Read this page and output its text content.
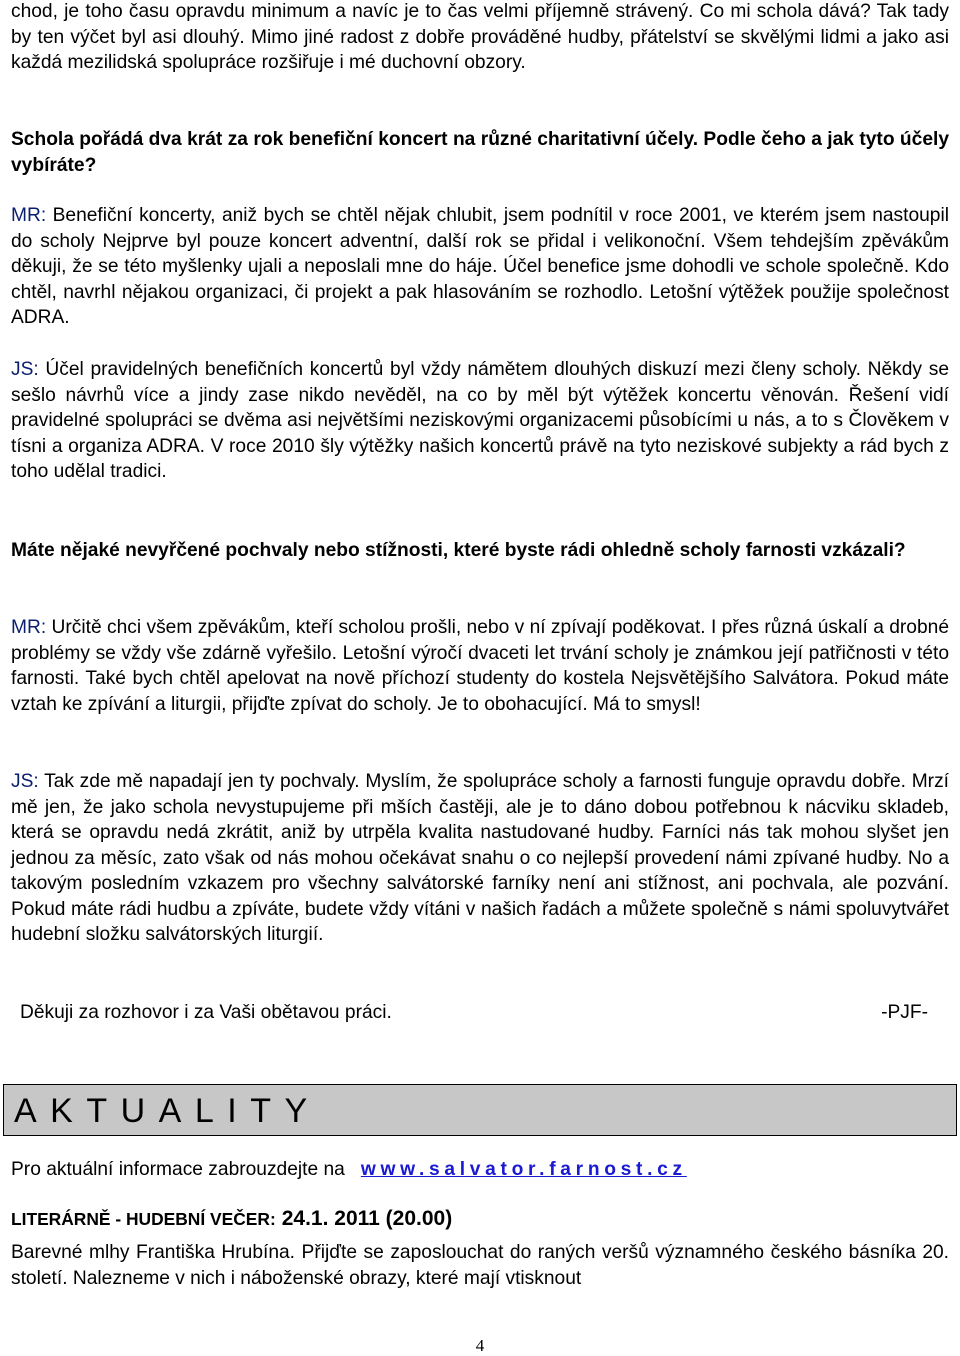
chod, je toho času opravdu minimum a navíc je to čas velmi příjemně strávený. Co mi schola dává? Tak tady by ten výčet byl asi dlouhý. Mimo jiné radost z dobře prováděné hudby, přátelství se skvělými lidmi a jako asi každá mezilidská spolupráce rozšiřuje i mé duchovní obzory.

Schola pořádá dva krát za rok benefiční koncert na různé charitativní účely. Podle čeho a jak tyto účely vybíráte?

MR: Benefiční koncerty, aniž bych se chtěl nějak chlubit, jsem podnítil v roce 2001, ve kterém jsem nastoupil do scholy Nejprve byl pouze koncert adventní, další rok se přidal i velikonoční. Všem tehdejším zpěvákům děkuji, že se této myšlenky ujali a neposlali mne do háje. Účel benefice jsme dohodli ve schole společně. Kdo chtěl, navrhl nějakou organizaci, či projekt a pak hlasováním se rozhodlo. Letošní výtěžek použije společnost ADRA.

JS: Účel pravidelných benefičních koncertů byl vždy námětem dlouhých diskuzí mezi členy scholy. Někdy se sešlo návrhů více a jindy zase nikdo nevěděl, na co by měl být výtěžek koncertu věnován. Řešení vidí pravidelné spolupráci se dvěma asi největšími neziskovými organizacemi působícími u nás, a to s Člověkem v tísni a organiza ADRA. V roce 2010 šly výtěžky našich koncertů právě na tyto neziskové subjekty a rád bych z toho udělal tradici.

Máte nějaké nevyřčené pochvaly nebo stížnosti, které byste rádi ohledně scholy farnosti vzkázali?

MR: Určitě chci všem zpěvákům, kteří scholou prošli, nebo v ní zpívají poděkovat. I přes různá úskalí a drobné problémy se vždy vše zdárně vyřešilo. Letošní výročí dvaceti let trvání scholy je známkou její patřičnosti v této farnosti. Také bych chtěl apelovat na nově příchozí studenty do kostela Nejsvětějšího Salvátora. Pokud máte vztah ke zpívání a liturgii, přijďte zpívat do scholy. Je to obohacující. Má to smysl!

JS: Tak zde mě napadají jen ty pochvaly. Myslím, že spolupráce scholy a farnosti funguje opravdu dobře. Mrzí mě jen, že jako schola nevystupujeme při mších častěji, ale je to dáno dobou potřebnou k nácviku skladeb, která se opravdu nedá zkrátit, aniž by utrpěla kvalita nastudované hudby. Farníci nás tak mohou slyšet jen jednou za měsíc, zato však od nás mohou očekávat snahu o co nejlepší provedení námi zpívané hudby. No a takovým posledním vzkazem pro všechny salvátorské farníky není ani stížnost, ani pochvala, ale pozvání. Pokud máte rádi hudbu a zpíváte, budete vždy vítáni v našich řadách a můžete společně s námi spoluvytvářet hudební složku salvátorských liturgií.

Děkuji za rozhovor i za Vaši obětavou práci.	-PJF-
Pro aktuální informace zabrouzdejte na www.salvator.farnost.cz
LITERÁRNĚ - HUDEBNÍ VEČER: 24.1. 2011 (20.00)

Barevné mlhy Františka Hrubína. Přijďte se zaposlouchat do raných veršů významného českého básníka 20. století. Nalezneme v nich i náboženské obrazy, které mají vtisknout

AKTUALITY
4
